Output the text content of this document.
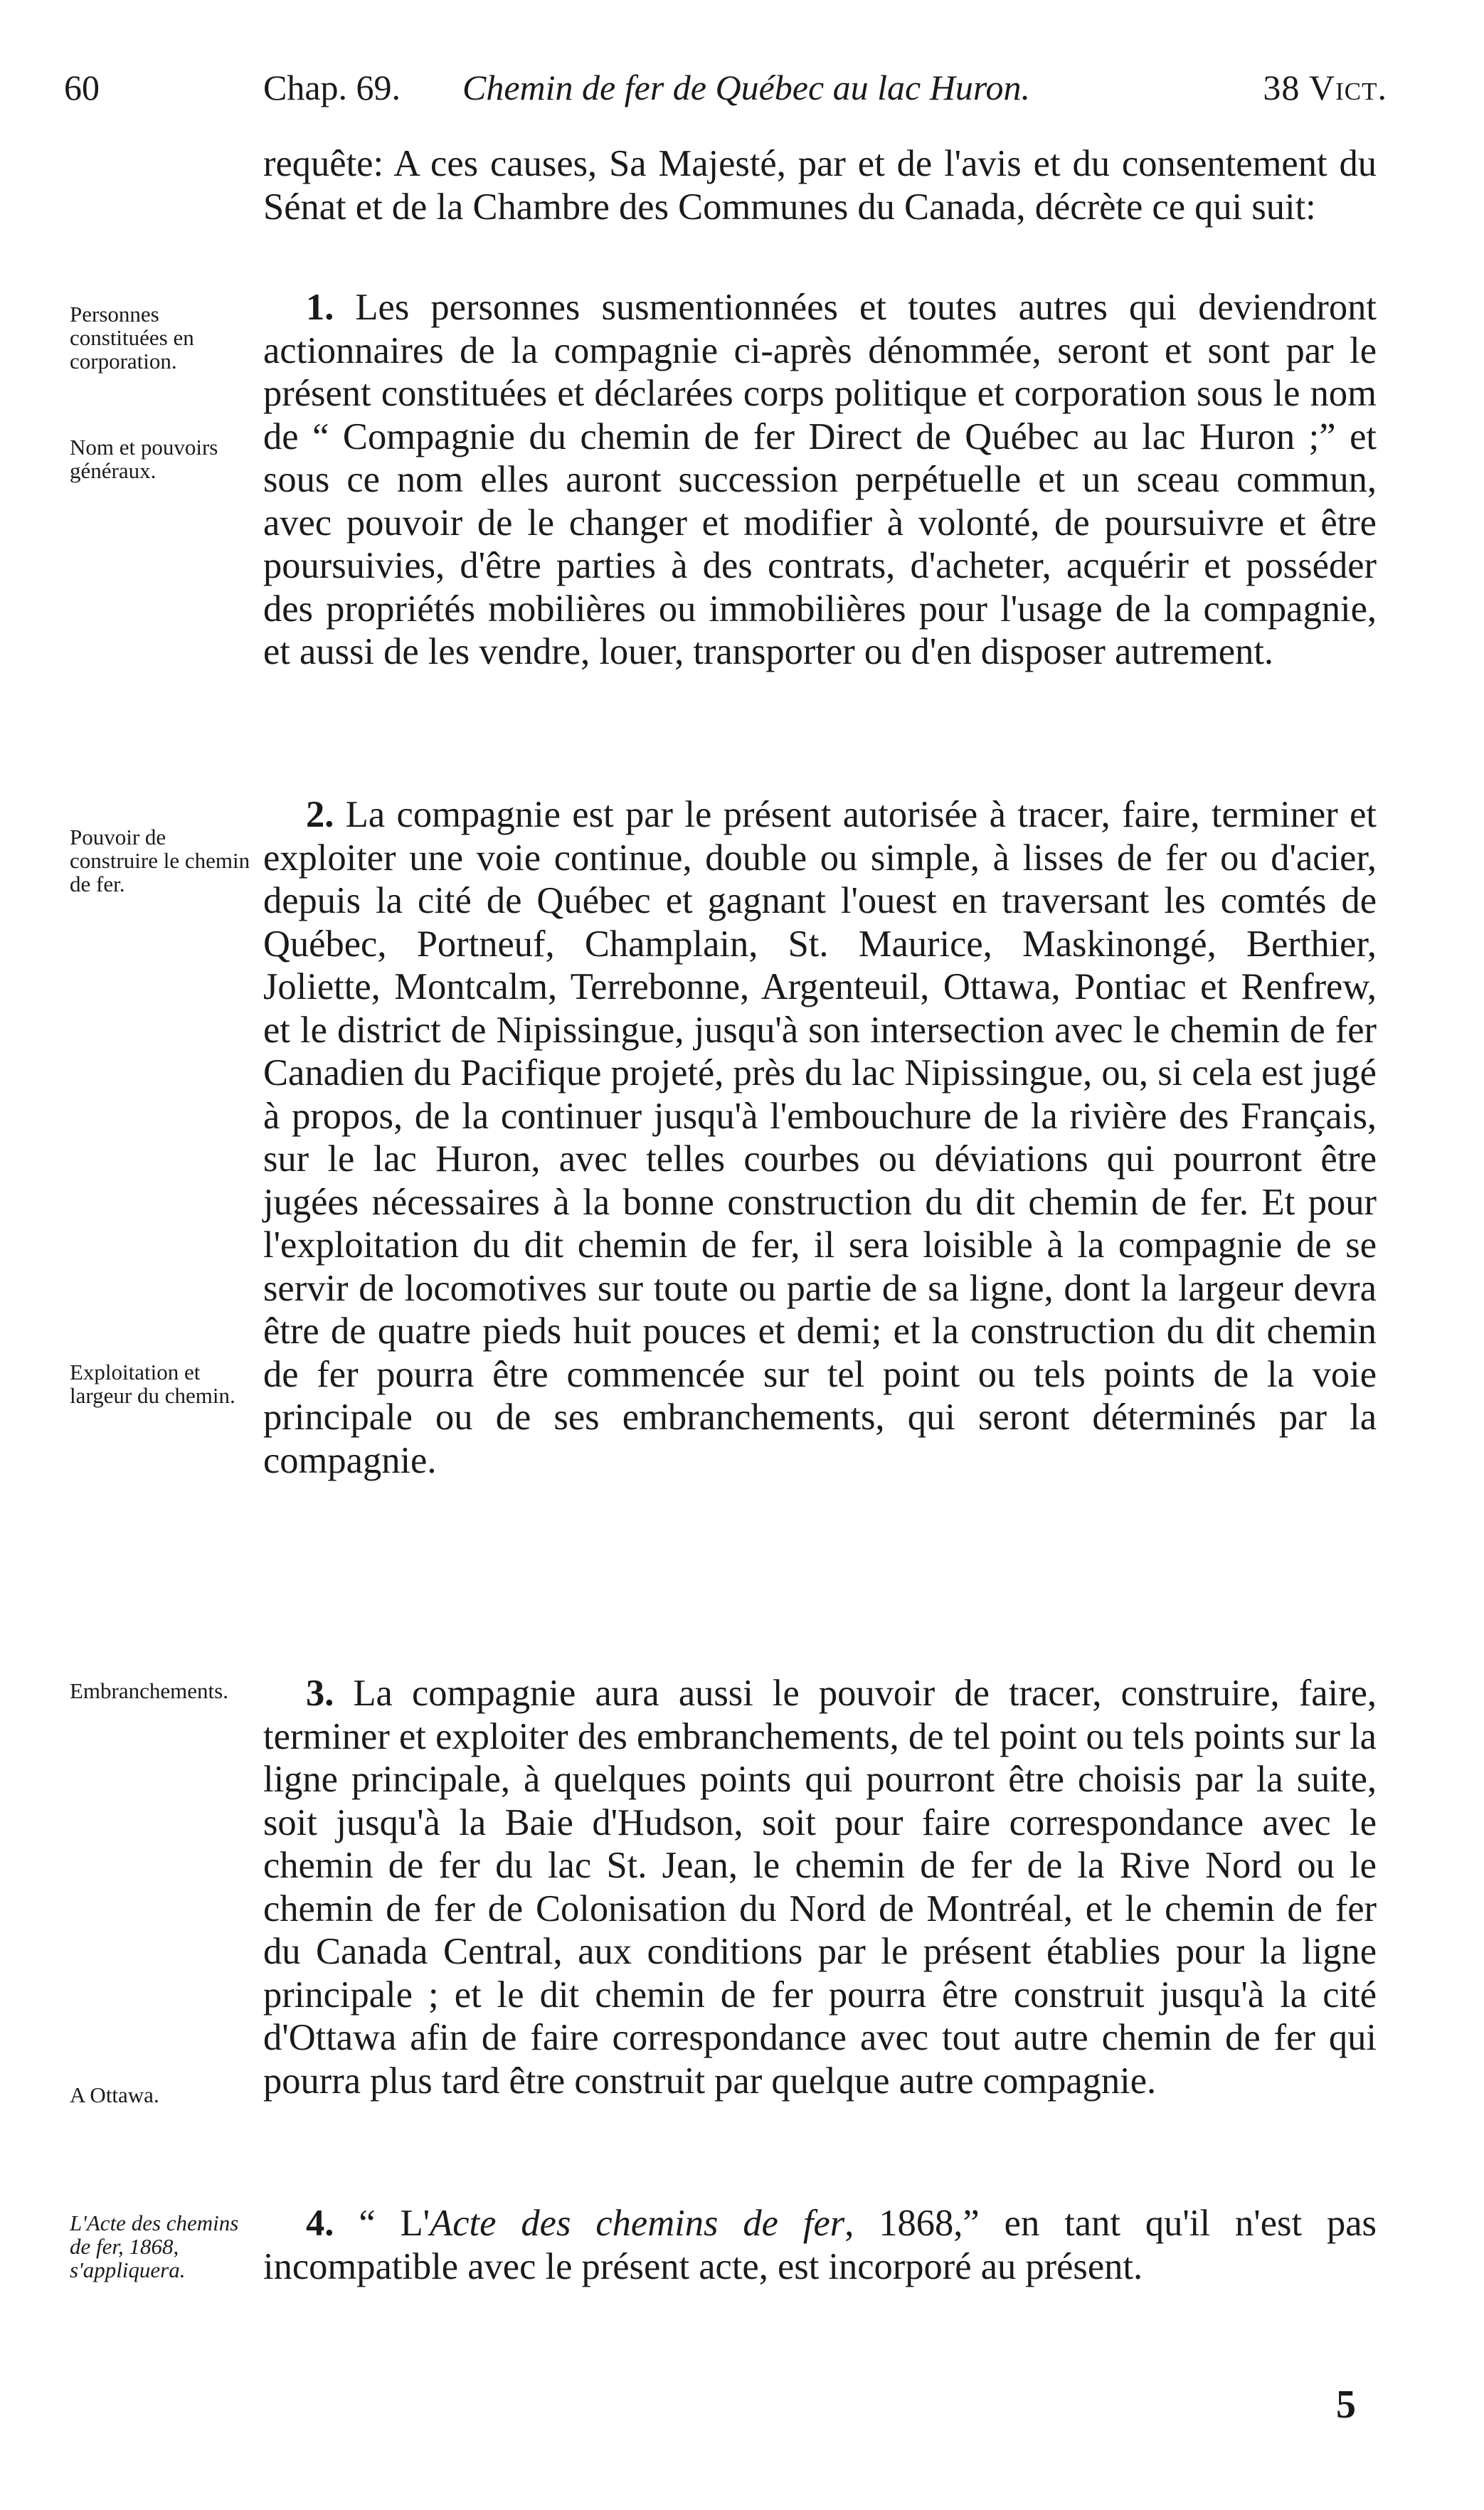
60	Chap. 69. Chemin de fer de Québec au lac Huron.	38 Vict.

requête: A ces causes, Sa Majesté, par et de l'avis et du consentement du Sénat et de la Chambre des Communes du Canada, décrète ce qui suit:

1. Les personnes susmentionnées et toutes autres qui deviendront actionnaires de la compagnie ci-après dénommée, seront et sont par le présent constituées et déclarées corps politique et corporation sous le nom de “ Compagnie du chemin de fer Direct de Québec au lac Huron ;” et sous ce nom elles auront succession perpétuelle et un sceau commun, avec pouvoir de le changer et modifier à volonté, de poursuivre et être poursuivies, d'être parties à des contrats, d'acheter, acquérir et posséder des propriétés mobilières ou immobilières pour l'usage de la compagnie, et aussi de les vendre, louer, transporter ou d'en disposer autrement.

2. La compagnie est par le présent autorisée à tracer, faire, terminer et exploiter une voie continue, double ou simple, à lisses de fer ou d'acier, depuis la cité de Québec et gagnant l'ouest en traversant les comtés de Québec, Portneuf, Champlain, St. Maurice, Maskinongé, Berthier, Joliette, Montcalm, Terrebonne, Argenteuil, Ottawa, Pontiac et Renfrew, et le district de Nipissingue, jusqu'à son intersection avec le chemin de fer Canadien du Pacifique projeté, près du lac Nipissingue, ou, si cela est jugé à propos, de la continuer jusqu'à l'embouchure de la rivière des Français, sur le lac Huron, avec telles courbes ou déviations qui pourront être jugées nécessaires à la bonne construction du dit chemin de fer. Et pour l'exploitation du dit chemin de fer, il sera loisible à la compagnie de se servir de locomotives sur toute ou partie de sa ligne, dont la largeur devra être de quatre pieds huit pouces et demi; et la construction du dit chemin de fer pourra être commencée sur tel point ou tels points de la voie principale ou de ses embranchements, qui seront déterminés par la compagnie.

3. La compagnie aura aussi le pouvoir de tracer, construire, faire, terminer et exploiter des embranchements, de tel point ou tels points sur la ligne principale, à quelques points qui pourront être choisis par la suite, soit jusqu'à la Baie d'Hudson, soit pour faire correspondance avec le chemin de fer du lac St. Jean, le chemin de fer de la Rive Nord ou le chemin de fer de Colonisation du Nord de Montréal, et le chemin de fer du Canada Central, aux conditions par le présent établies pour la ligne principale ; et le dit chemin de fer pourra être construit jusqu'à la cité d'Ottawa afin de faire correspondance avec tout autre chemin de fer qui pourra plus tard être construit par quelque autre compagnie.

4. “ L'Acte des chemins de fer, 1868,” en tant qu'il n'est pas incompatible avec le présent acte, est incorporé au présent.

Personnes constituées en corporation.
Nom et pouvoirs généraux.
Pouvoir de construire le chemin de fer.
Exploitation et largeur du chemin.
Embranchements.
A Ottawa.
L'Acte des chemins de fer, 1868, s'appliquera.
5
